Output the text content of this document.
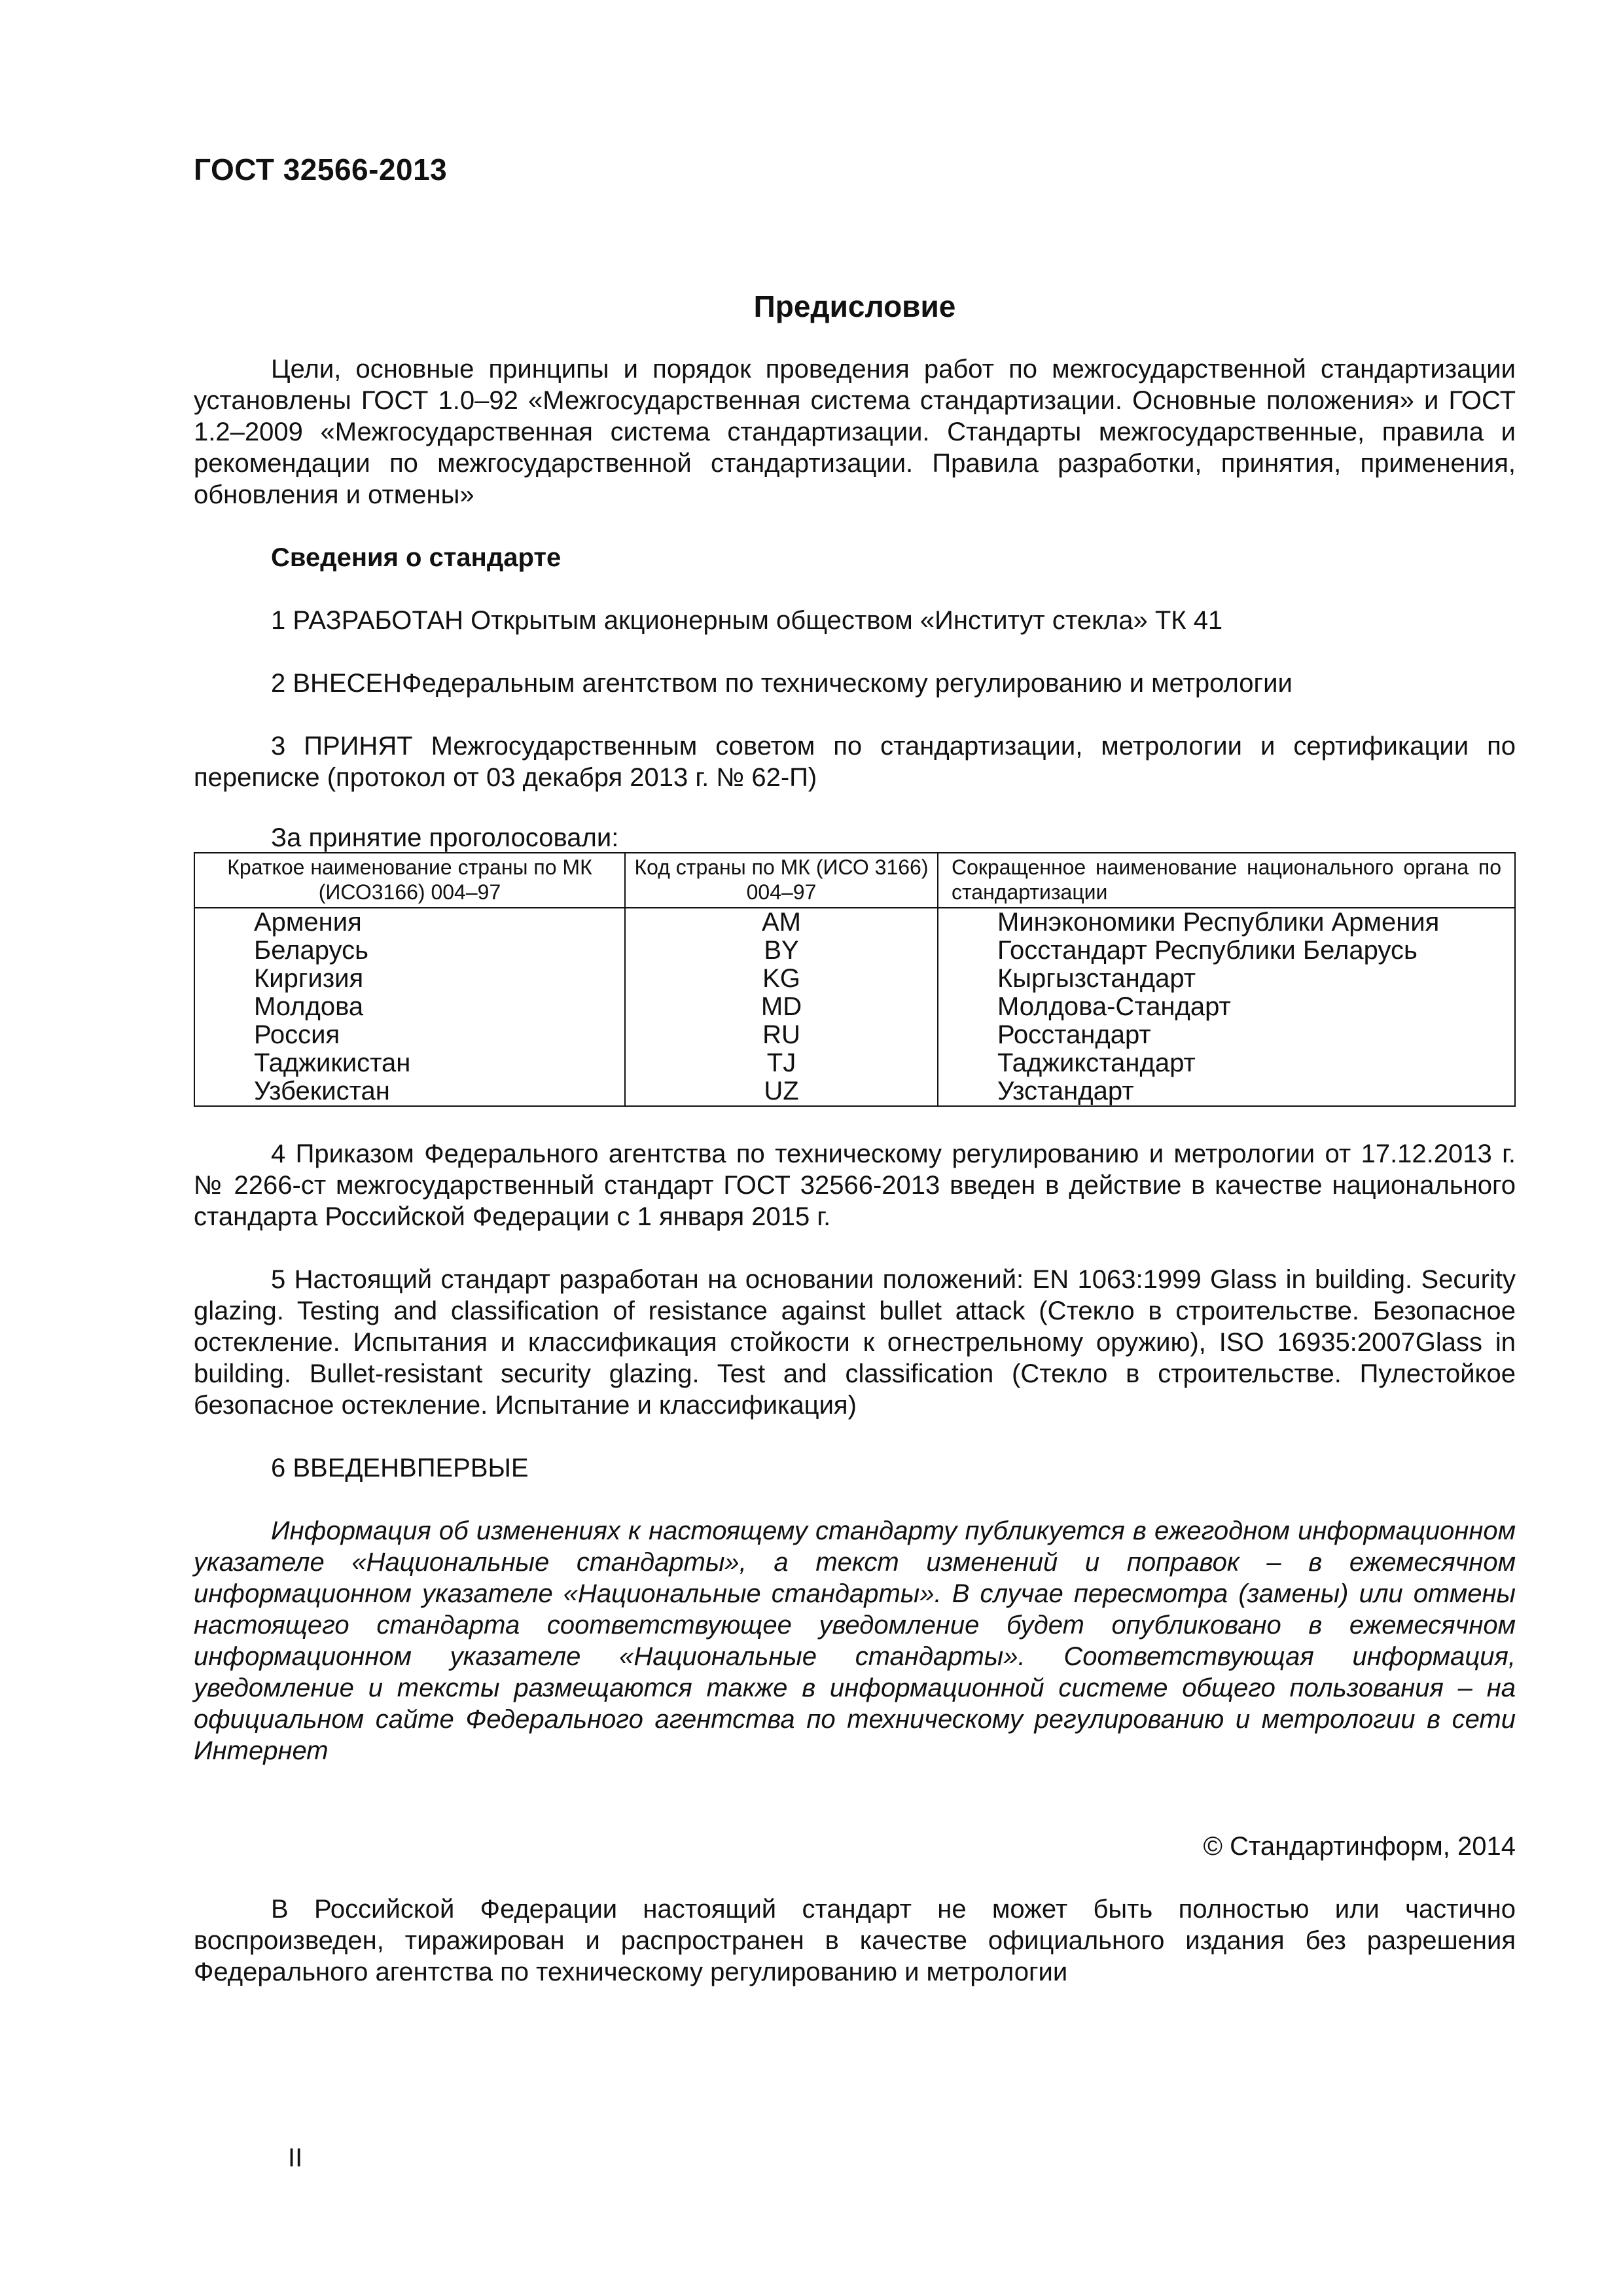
ГОСТ 32566-2013
Предисловие

Цели, основные принципы и порядок проведения работ по межгосударственной стандартизации установлены ГОСТ 1.0–92 «Межгосударственная система стандартизации. Основные положения» и ГОСТ 1.2–2009 «Межгосударственная система стандартизации. Стандарты межгосударственные, правила и рекомендации по межгосударственной стандартизации. Правила разработки, принятия, применения, обновления и отмены»

Сведения о стандарте

1 РАЗРАБОТАН Открытым акционерным обществом «Институт стекла» ТК 41

2 ВНЕСЕНФедеральным агентством по техническому регулированию и метрологии

3 ПРИНЯТ Межгосударственным советом по стандартизации, метрологии и сертификации по переписке (протокол от 03 декабря 2013 г. № 62-П)

За принятие проголосовали:
Краткое наименование страны по МК (ИСО3166) 004–97	Код страны по МК (ИСО 3166) 004–97	Сокращенное наименование национального органа по стандартизации
Армения	AM	Минэкономики Республики Армения
Беларусь	BY	Госстандарт Республики Беларусь
Киргизия	KG	Кыргызстандарт
Молдова	MD	Молдова-Стандарт
Россия	RU	Росстандарт
Таджикистан	TJ	Таджикстандарт
Узбекистан	UZ	Узстандарт

4 Приказом Федерального агентства по техническому регулированию и метрологии от 17.12.2013 г. № 2266-ст межгосударственный стандарт ГОСТ 32566-2013 введен в действие в качестве национального стандарта Российской Федерации с 1 января 2015 г.

5 Настоящий стандарт разработан на основании положений: EN 1063:1999 Glass in building. Security glazing. Testing and classification of resistance against bullet attack (Стекло в строительстве. Безопасное остекление. Испытания и классификация стойкости к огнестрельному оружию), ISO 16935:2007Glass in building. Bullet-resistant security glazing. Test and classification (Стекло в строительстве. Пулестойкое безопасное остекление. Испытание и классификация)

6 ВВЕДЕНВПЕРВЫЕ

Информация об изменениях к настоящему стандарту публикуется в ежегодном информационном указателе «Национальные стандарты», а текст изменений и поправок – в ежемесячном информационном указателе «Национальные стандарты». В случае пересмотра (замены) или отмены настоящего стандарта соответствующее уведомление будет опубликовано в ежемесячном информационном указателе «Национальные стандарты». Соответствующая информация, уведомление и тексты размещаются также в информационной системе общего пользования – на официальном сайте Федерального агентства по техническому регулированию и метрологии в сети Интернет

© Стандартинформ, 2014

В Российской Федерации настоящий стандарт не может быть полностью или частично воспроизведен, тиражирован и распространен в качестве официального издания без разрешения Федерального агентства по техническому регулированию и метрологии

II
